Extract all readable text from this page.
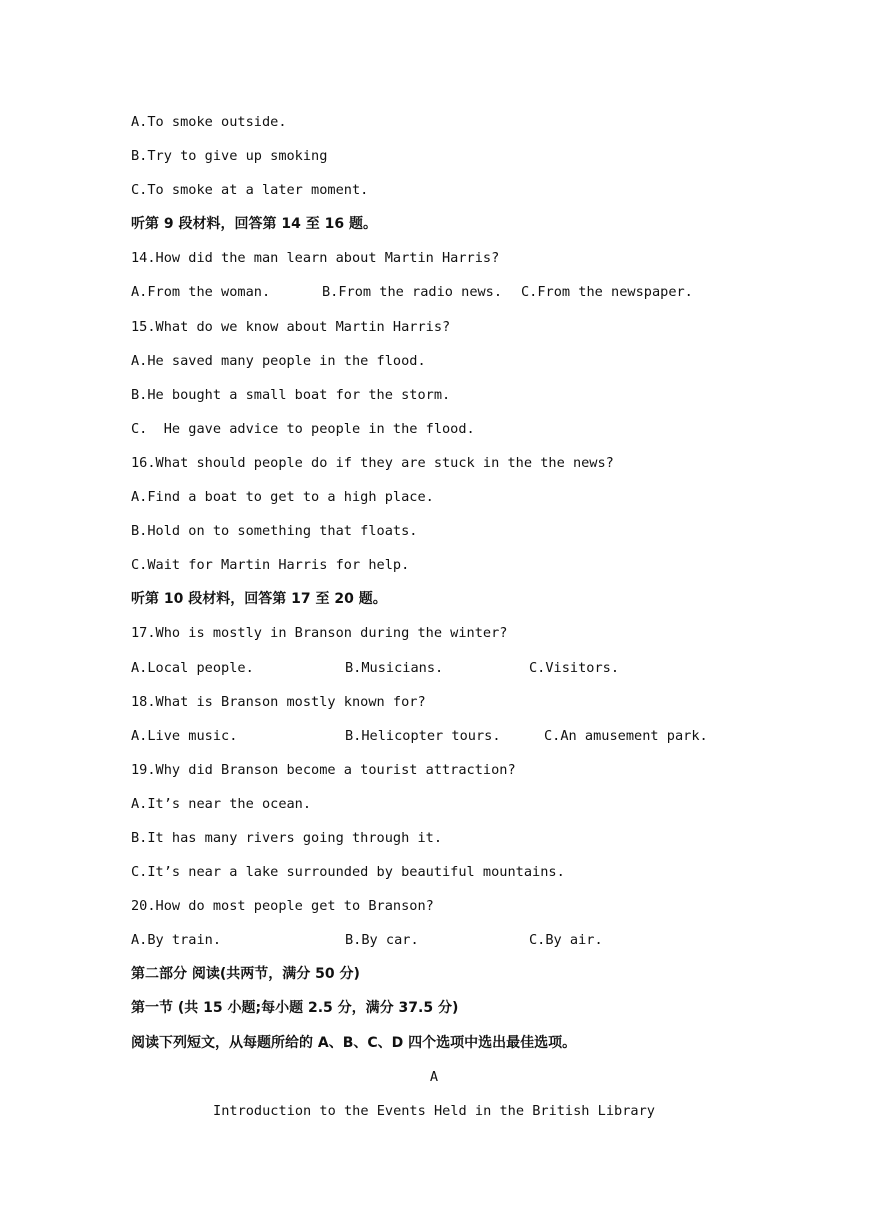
A.To smoke outside.
B.Try to give up smoking
C.To smoke at a later moment.
听第 9 段材料，回答第 14 至 16 题。
14.How did the man learn about Martin Harris?
A.From the woman.	B.From the radio news.	C.From the newspaper.
15.What do we know about Martin Harris?
A.He saved many people in the flood.
B.He bought a small boat for the storm.
C.  He gave advice to people in the flood.
16.What should people do if they are stuck in the the news?
A.Find a boat to get to a high place.
B.Hold on to something that floats.
C.Wait for Martin Harris for help.
听第 10 段材料，回答第 17 至 20 题。
17.Who is mostly in Branson during the winter?
A.Local people.	B.Musicians.	C.Visitors.
18.What is Branson mostly known for?
A.Live music.	B.Helicopter tours.	C.An amusement park.
19.Why did Branson become a tourist attraction?
A.It’s near the ocean.
B.It has many rivers going through it.
C.It’s near a lake surrounded by beautiful mountains.
20.How do most people get to Branson?
A.By train.	B.By car.	C.By air.
第二部分 阅读(共两节，满分 50 分)
第一节 (共 15 小题;每小题 2.5 分，满分 37.5 分)
阅读下列短文，从每题所给的 A、B、C、D 四个选项中选出最佳选项。
A
Introduction to the Events Held in the British Library
